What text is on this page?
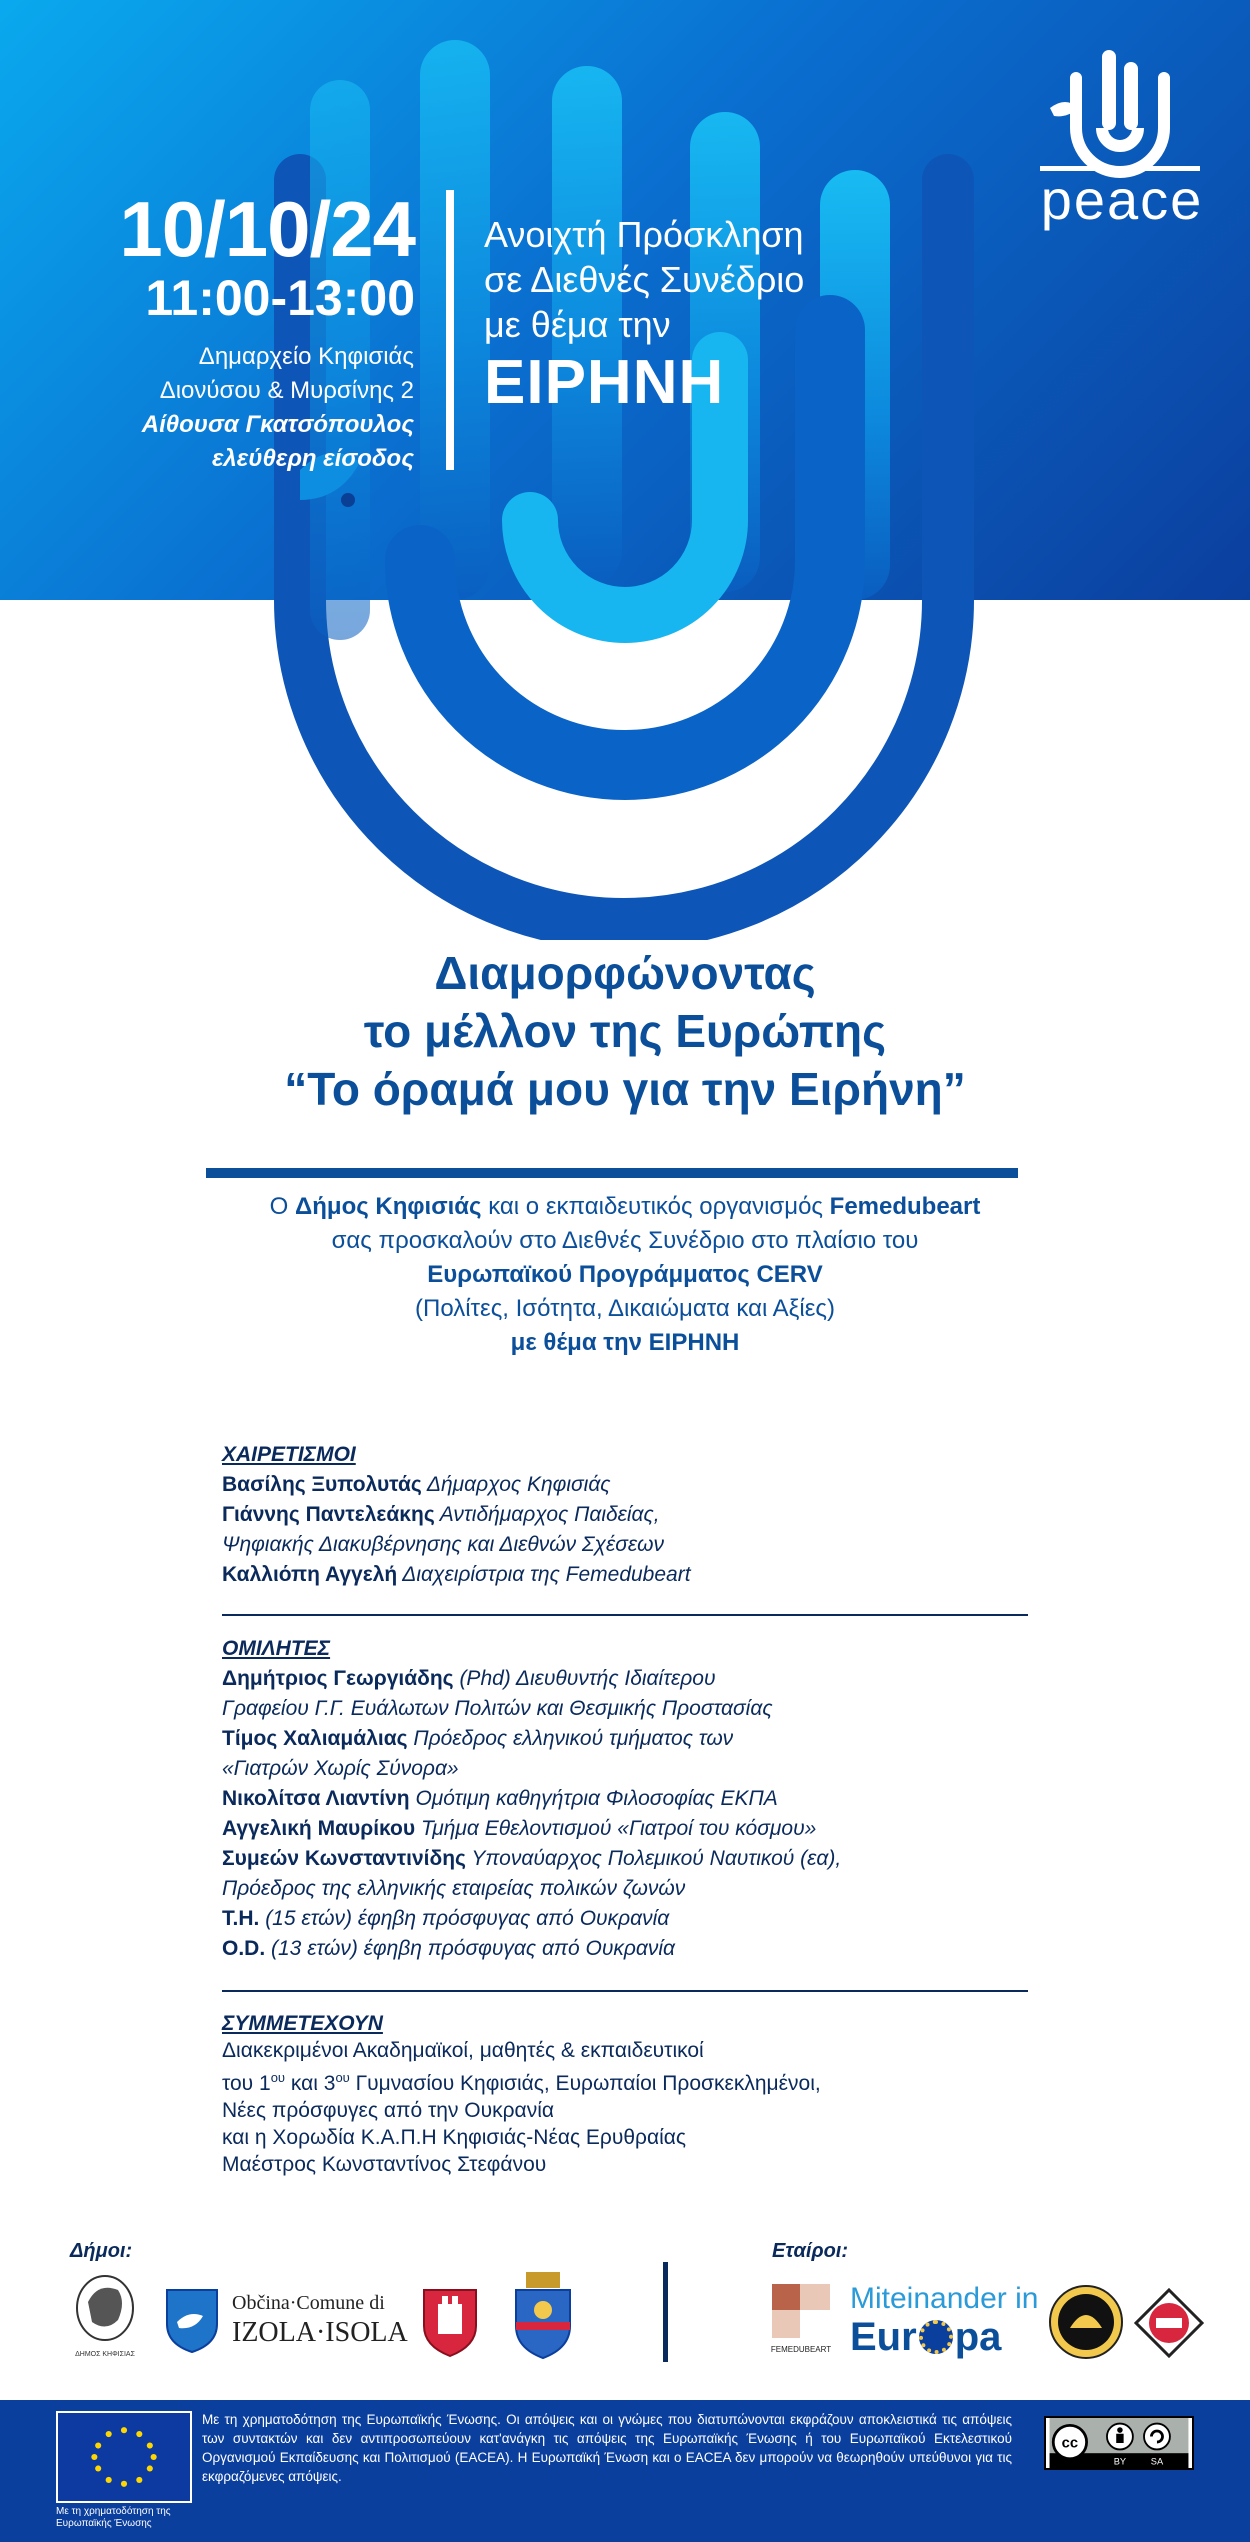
10/10/24
11:00-13:00
Δημαρχείο Κηφισιάς
Διονύσου & Μυρσίνης 2
Αίθουσα Γκατσόπουλος
ελεύθερη είσοδος
Ανοιχτή Πρόσκληση
σε Διεθνές Συνέδριο
με θέμα την
ΕΙΡΗΝΗ
peace
Διαμορφώνοντας
το μέλλον της Ευρώπης
“Το όραμά μου για την Ειρήνη”
Ο Δήμος Κηφισιάς και ο εκπαιδευτικός οργανισμός Femedubeart
σας προσκαλούν στο Διεθνές Συνέδριο στο πλαίσιο του
Ευρωπαϊκού Προγράμματος CERV
(Πολίτες, Ισότητα, Δικαιώματα και Αξίες)
με θέμα την ΕΙΡΗΝΗ
ΧΑΙΡΕΤΙΣΜΟΙ
Βασίλης Ξυπολυτάς Δήμαρχος Κηφισιάς
Γιάννης Παντελεάκης Αντιδήμαρχος Παιδείας,
Ψηφιακής Διακυβέρνησης και Διεθνών Σχέσεων
Καλλιόπη Αγγελή Διαχειρίστρια της Femedubeart
ΟΜΙΛΗΤΕΣ
Δημήτριος Γεωργιάδης (Phd) Διευθυντής Ιδιαίτερου
Γραφείου Γ.Γ. Ευάλωτων Πολιτών και Θεσμικής Προστασίας
Τίμος Χαλιαμάλιας Πρόεδρος ελληνικού τμήματος των
«Γιατρών Χωρίς Σύνορα»
Νικολίτσα Λιαντίνη Ομότιμη καθηγήτρια Φιλοσοφίας ΕΚΠΑ
Αγγελική Μαυρίκου Τμήμα Εθελοντισμού «Γιατροί του κόσμου»
Συμεών Κωνσταντινίδης Υποναύαρχος Πολεμικού Ναυτικού (εα),
Πρόεδρος της ελληνικής εταιρείας πολικών ζωνών
Τ.Η. (15 ετών) έφηβη πρόσφυγας από Ουκρανία
O.D. (13 ετών) έφηβη πρόσφυγας από Ουκρανία
ΣΥΜΜΕΤΕΧΟΥΝ
Διακεκριμένοι Ακαδημαϊκοί, μαθητές & εκπαιδευτικοί
του $1^{o\upsilon}$ και $3^{o\upsilon}$ Γυμνασίου Κηφισιάς, Ευρωπαίοι Προσκεκλημένοι,
Νέες πρόσφυγες από την Ουκρανία
και η Χορωδία Κ.Α.Π.Η Κηφισιάς-Νέας Ερυθραίας
Μαέστρος Κωνσταντίνος Στεφάνου
Δήμοι:
ΔΗΜΟΣ ΚΗΦΙΣΙΑΣ
Občina·Comune di
IZOLA·ISOLA
Εταίροι:
FEMEDUBEART
Miteinander in
Eur pa
Με τη χρηματοδότηση της Ευρωπαϊκής Ένωσης
Με τη χρηματοδότηση της Ευρωπαϊκής Ένωσης. Οι απόψεις και οι γνώμες που διατυπώνονται εκφράζουν αποκλειστικά τις απόψεις των συντακτών και δεν αντιπροσωπεύουν κατ'ανάγκη τις απόψεις της Ευρωπαϊκής Ένωσης ή του Ευρωπαϊκού Εκτελεστικού Οργανισμού Εκπαίδευσης και Πολιτισμού (EACEA). Η Ευρωπαϊκή Ένωση και ο EACEA δεν μπορούν να θεωρηθούν υπεύθυνοι για τις εκφραζόμενες απόψεις.
cc
BY SA
